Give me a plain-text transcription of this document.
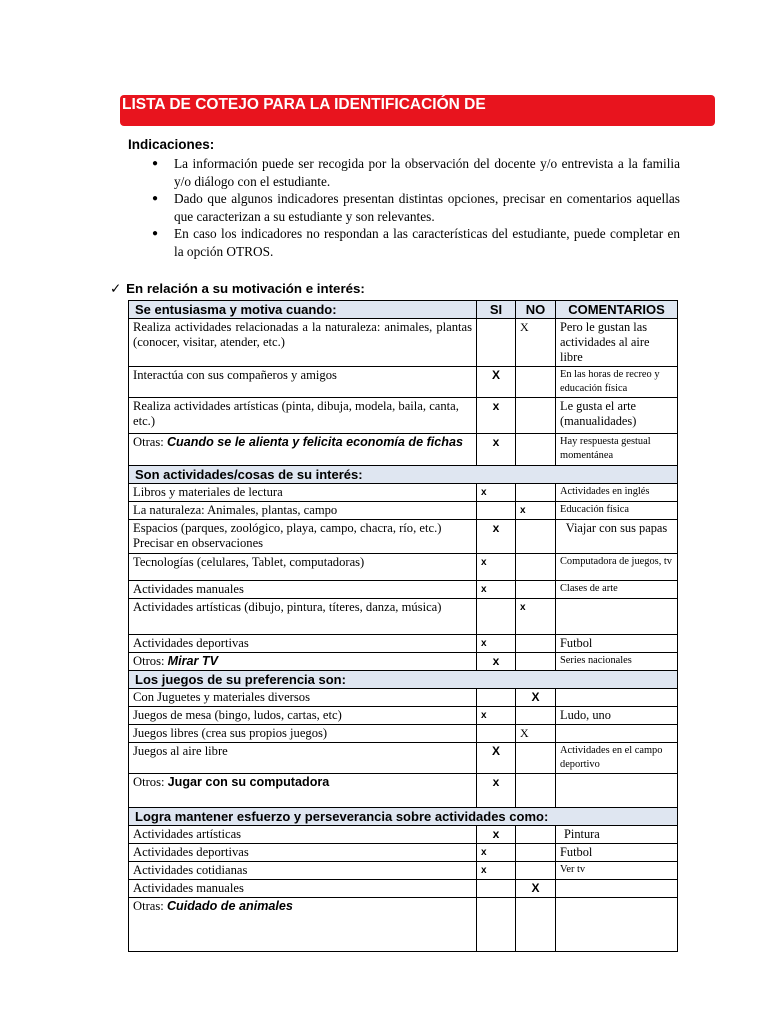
LISTA DE COTEJO PARA LA IDENTIFICACIÓN DE
Indicaciones:
● La información puede ser recogida por la observación del docente y/o entrevista a la familia y/o diálogo con el estudiante.
● Dado que algunos indicadores presentan distintas opciones, precisar en comentarios aquellas que caracterizan a su estudiante y son relevantes.
● En caso los indicadores no respondan a las características del estudiante, puede completar en la opción OTROS.
✓ En relación a su motivación e interés:
Se entusiasma y motiva cuando:	SI	NO	COMENTARIOS
Realiza actividades relacionadas a la naturaleza: animales, plantas (conocer, visitar, atender, etc.)		X	Pero le gustan las actividades al aire libre
Interactúa con sus compañeros y amigos	X		En las horas de recreo y educación física
Realiza actividades artísticas (pinta, dibuja, modela, baila, canta, etc.)	x		Le gusta el arte (manualidades)
Otras: Cuando se le alienta y felicita economía de fichas	x		Hay respuesta gestual momentánea
Son actividades/cosas de su interés:			
Libros y materiales de lectura	x		Actividades en inglés
La naturaleza: Animales, plantas, campo		x	Educación física
Espacios (parques, zoológico, playa, campo, chacra, río, etc.) Precisar en observaciones	x		Viajar con sus papas
Tecnologías (celulares, Tablet, computadoras)	x		Computadora de juegos, tv
Actividades manuales	x		Clases de arte
Actividades artísticas (dibujo, pintura, títeres, danza, música)		x	
Actividades deportivas	x		Futbol
Otros: Mirar TV	x		Series nacionales
Los juegos de su preferencia son:			
Con Juguetes y materiales diversos		X	
Juegos de mesa (bingo, ludos, cartas, etc)	x		Ludo, uno
Juegos libres (crea sus propios juegos)		X	
Juegos al aire libre	X		Actividades en el campo deportivo
Otros: Jugar con su computadora	x		
Logra mantener esfuerzo y perseverancia sobre actividades como:			
Actividades artísticas	x		Pintura
Actividades deportivas	x		Futbol
Actividades cotidianas	x		Ver tv
Actividades manuales		X	
Otras: Cuidado de animales			
